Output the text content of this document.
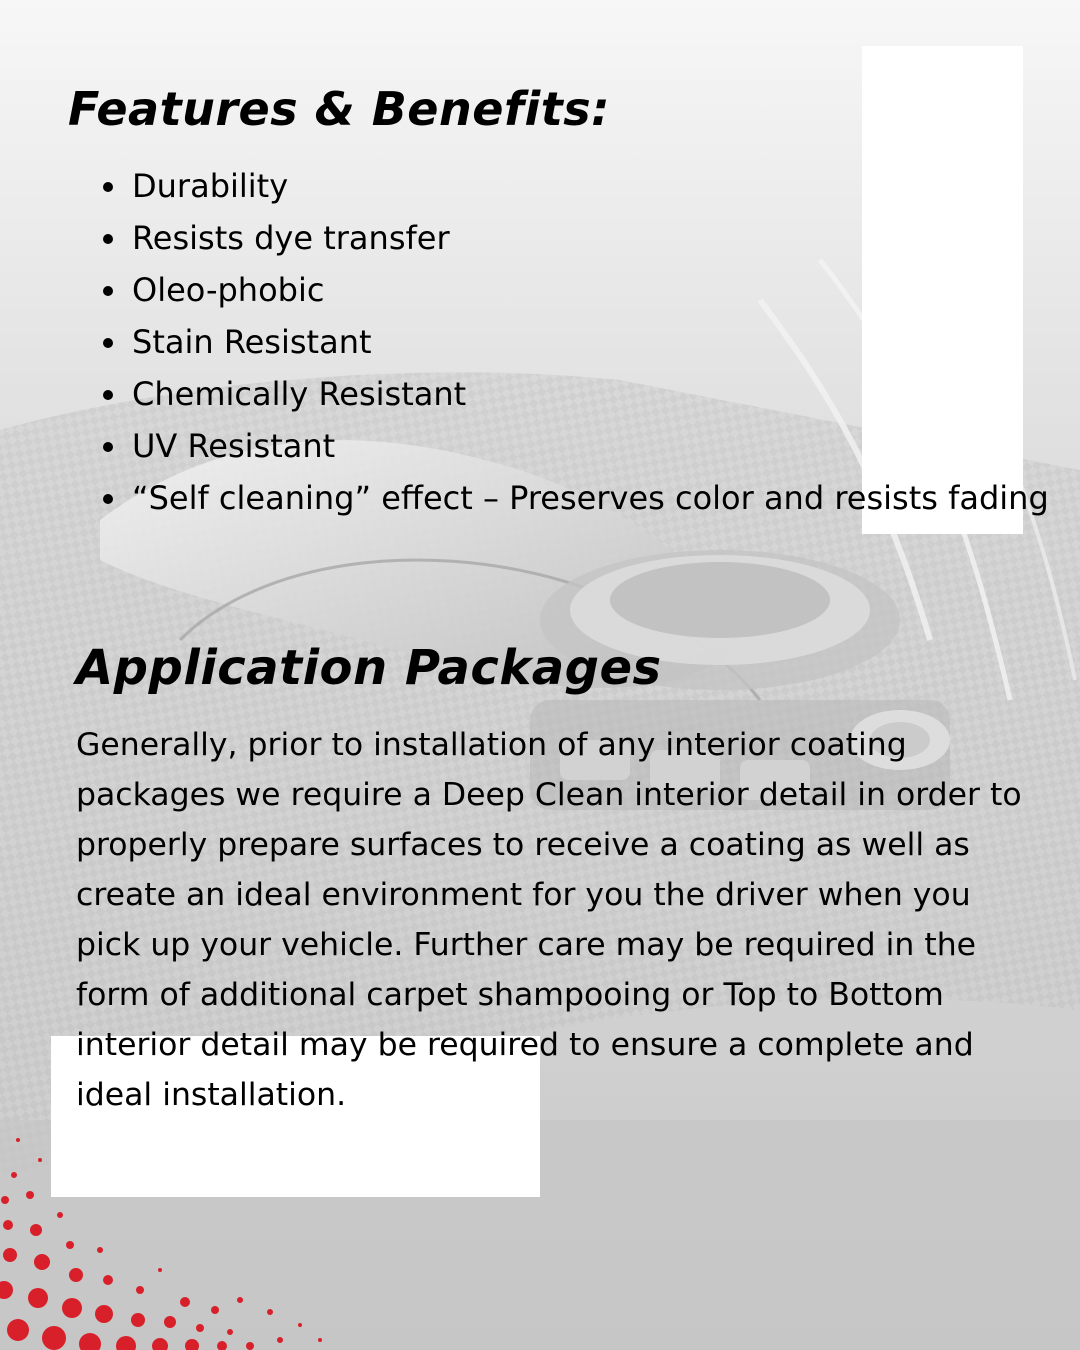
Features & Benefits:
• Durability
• Resists dye transfer
• Oleo-phobic
• Stain Resistant
• Chemically Resistant
• UV Resistant
• “Self cleaning” effect – Preserves color and resists fading
Application Packages

Generally, prior to installation of any interior coating packages we require a Deep Clean interior detail in order to properly prepare surfaces to receive a coating as well as create an ideal environment for you the driver when you pick up your vehicle. Further care may be required in the form of additional carpet shampooing or Top to Bottom interior detail may be required to ensure a complete and ideal installation.
